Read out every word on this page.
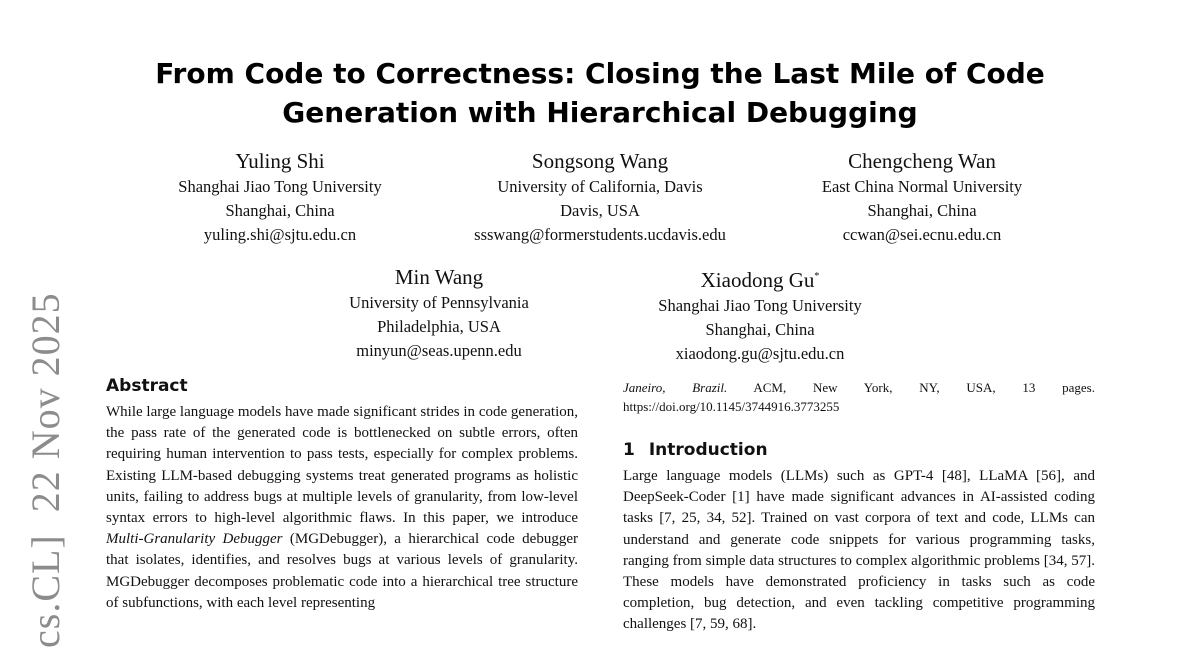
From Code to Correctness: Closing the Last Mile of Code Generation with Hierarchical Debugging
Yuling Shi
Shanghai Jiao Tong University
Shanghai, China
yuling.shi@sjtu.edu.cn
Songsong Wang
University of California, Davis
Davis, USA
ssswang@formerstudents.ucdavis.edu
Chengcheng Wan
East China Normal University
Shanghai, China
ccwan@sei.ecnu.edu.cn
Min Wang
University of Pennsylvania
Philadelphia, USA
minyun@seas.upenn.edu
Xiaodong Gu*
Shanghai Jiao Tong University
Shanghai, China
xiaodong.gu@sjtu.edu.cn
cs.CL]  22 Nov 2025 Abstract
While large language models have made significant strides in code generation, the pass rate of the generated code is bottlenecked on subtle errors, often requiring human intervention to pass tests, especially for complex problems. Existing LLM-based debugging systems treat generated programs as holistic units, failing to address bugs at multiple levels of granularity, from low-level syntax errors to high-level algorithmic flaws. In this paper, we introduce Multi-Granularity Debugger (MGDebugger), a hierarchical code debugger that isolates, identifies, and resolves bugs at various levels of granularity. MGDebugger decomposes problematic code into a hierarchical tree structure of subfunctions, with each level representing
Janeiro, Brazil. ACM, New York, NY, USA, 13 pages. https://doi.org/10.1145/3744916.3773255
1 Introduction
Large language models (LLMs) such as GPT-4 [48], LLaMA [56], and DeepSeek-Coder [1] have made significant advances in AI-assisted coding tasks [7, 25, 34, 52]. Trained on vast corpora of text and code, LLMs can understand and generate code snippets for various programming tasks, ranging from simple data structures to complex algorithmic problems [34, 57]. These models have demonstrated proficiency in tasks such as code completion, bug detection, and even tackling competitive programming challenges [7, 59, 68].
